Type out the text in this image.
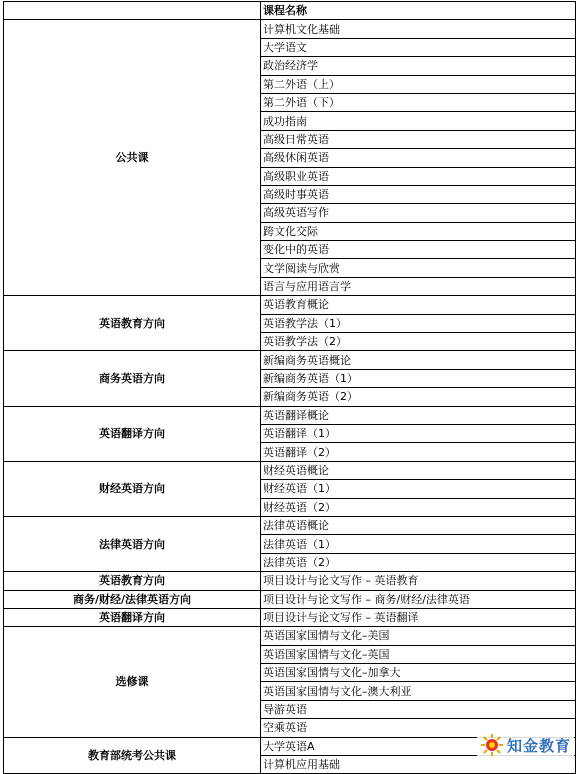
	课程名称
公共课	计算机文化基础
	大学语文
	政治经济学
	第二外语（上）
	第二外语（下）
	成功指南
	高级日常英语
	高级休闲英语
	高级职业英语
	高级时事英语
	高级英语写作
	跨文化交际
	变化中的英语
	文学阅读与欣赏
	语言与应用语言学
英语教育方向	英语教育概论
	英语教学法（1）
	英语教学法（2）
商务英语方向	新编商务英语概论
	新编商务英语（1）
	新编商务英语（2）
英语翻译方向	英语翻译概论
	英语翻译（1）
	英语翻译（2）
财经英语方向	财经英语概论
	财经英语（1）
	财经英语（2）
法律英语方向	法律英语概论
	法律英语（1）
	法律英语（2）
英语教育方向	项目设计与论文写作 – 英语教育
商务/财经/法律英语方向	项目设计与论文写作 – 商务/财经/法律英语
英语翻译方向	项目设计与论文写作 – 英语翻译
选修课	英语国家国情与文化–美国
	英语国家国情与文化–英国
	英语国家国情与文化–加拿大
	英语国家国情与文化–澳大利亚
	导游英语
	空乘英语
教育部统考公共课	大学英语A
	计算机应用基础
知金教育
